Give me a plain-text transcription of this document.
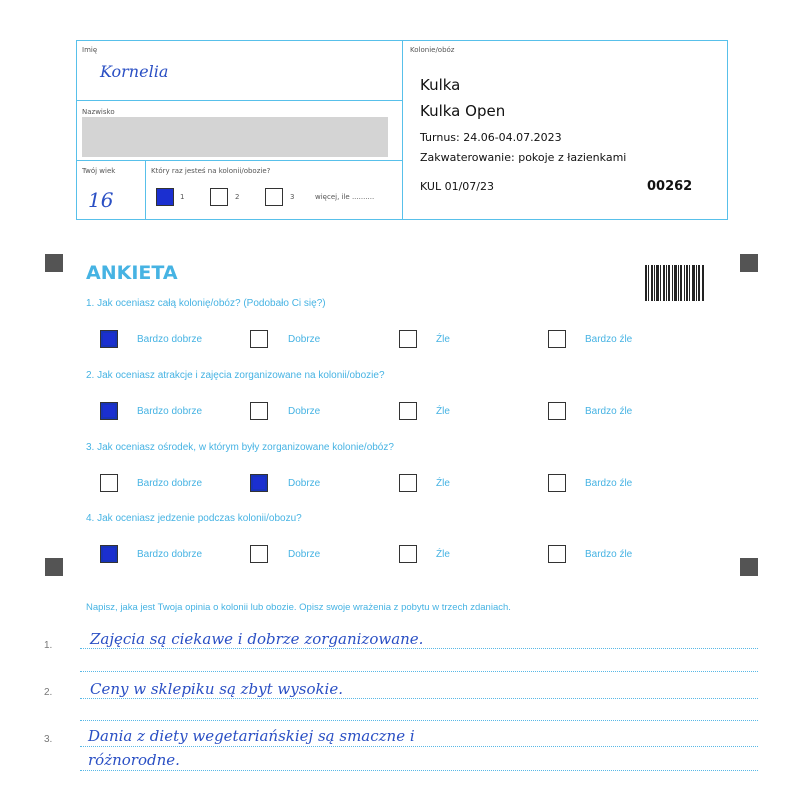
Imię
Kornelia
Nazwisko
Twój wiek
16
Który raz jesteś na kolonii/obozie?
1	2	3	więcej, ile ..........
Kolonie/obóz
Kulka
Kulka Open
Turnus: 24.06-04.07.2023
Zakwaterowanie: pokoje z łazienkami
KUL 01/07/23	00262
ANKIETA
1. Jak oceniasz całą kolonię/obóz? (Podobało Ci się?)
Bardzo dobrze	Dobrze	Źle	Bardzo źle
2. Jak oceniasz atrakcje i zajęcia zorganizowane na kolonii/obozie?
Bardzo dobrze	Dobrze	Źle	Bardzo źle
3. Jak oceniasz ośrodek, w którym były zorganizowane kolonie/obóz?
Bardzo dobrze	Dobrze	Źle	Bardzo źle
4. Jak oceniasz jedzenie podczas kolonii/obozu?
Bardzo dobrze	Dobrze	Źle	Bardzo źle
Napisz, jaka jest Twoja opinia o kolonii lub obozie. Opisz swoje wrażenia z pobytu w trzech zdaniach.
1.	Zajęcia są ciekawe i dobrze zorganizowane.
2.	Ceny w sklepiku są zbyt wysokie.
3. Dania z diety wegetariańskiej są smaczne i
różnorodne.
